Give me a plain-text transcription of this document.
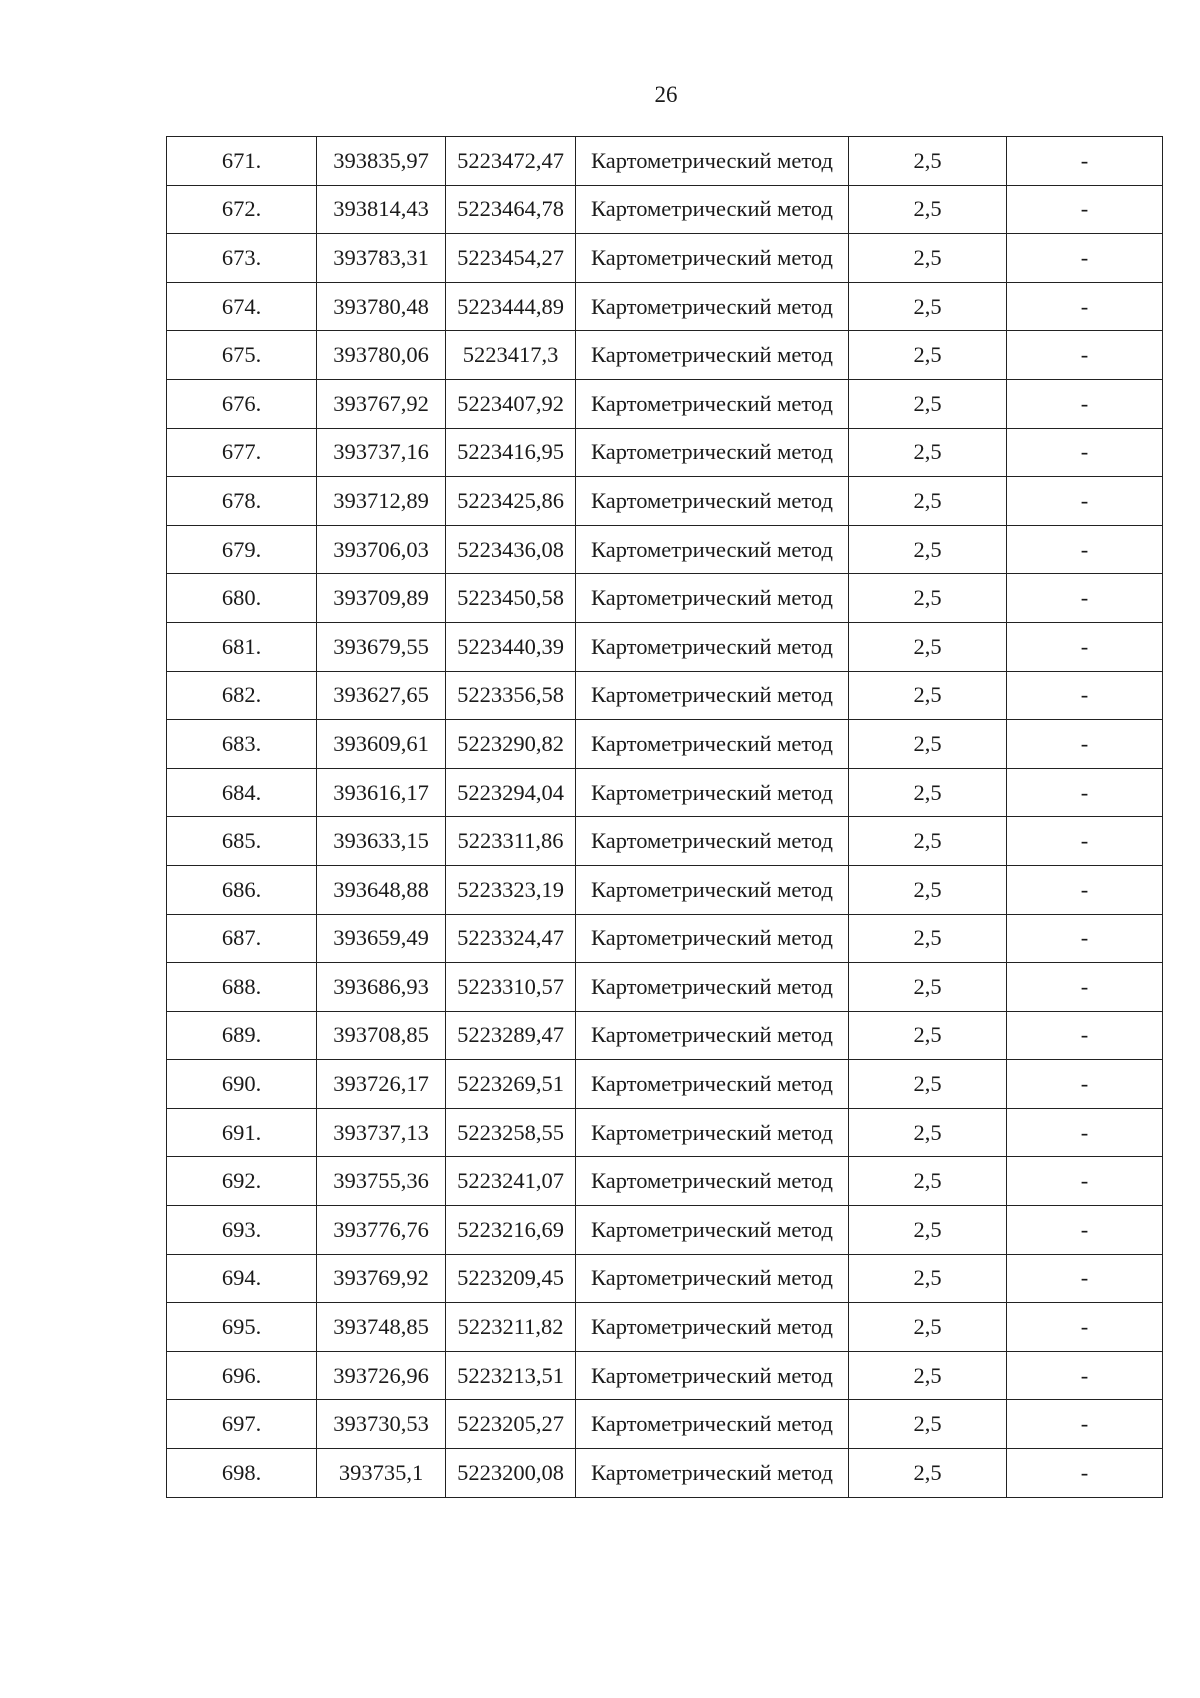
26
671.	393835,97	5223472,47	Картометрический метод	2,5	-
672.	393814,43	5223464,78	Картометрический метод	2,5	-
673.	393783,31	5223454,27	Картометрический метод	2,5	-
674.	393780,48	5223444,89	Картометрический метод	2,5	-
675.	393780,06	5223417,3	Картометрический метод	2,5	-
676.	393767,92	5223407,92	Картометрический метод	2,5	-
677.	393737,16	5223416,95	Картометрический метод	2,5	-
678.	393712,89	5223425,86	Картометрический метод	2,5	-
679.	393706,03	5223436,08	Картометрический метод	2,5	-
680.	393709,89	5223450,58	Картометрический метод	2,5	-
681.	393679,55	5223440,39	Картометрический метод	2,5	-
682.	393627,65	5223356,58	Картометрический метод	2,5	-
683.	393609,61	5223290,82	Картометрический метод	2,5	-
684.	393616,17	5223294,04	Картометрический метод	2,5	-
685.	393633,15	5223311,86	Картометрический метод	2,5	-
686.	393648,88	5223323,19	Картометрический метод	2,5	-
687.	393659,49	5223324,47	Картометрический метод	2,5	-
688.	393686,93	5223310,57	Картометрический метод	2,5	-
689.	393708,85	5223289,47	Картометрический метод	2,5	-
690.	393726,17	5223269,51	Картометрический метод	2,5	-
691.	393737,13	5223258,55	Картометрический метод	2,5	-
692.	393755,36	5223241,07	Картометрический метод	2,5	-
693.	393776,76	5223216,69	Картометрический метод	2,5	-
694.	393769,92	5223209,45	Картометрический метод	2,5	-
695.	393748,85	5223211,82	Картометрический метод	2,5	-
696.	393726,96	5223213,51	Картометрический метод	2,5	-
697.	393730,53	5223205,27	Картометрический метод	2,5	-
698.	393735,1	5223200,08	Картометрический метод	2,5	-
